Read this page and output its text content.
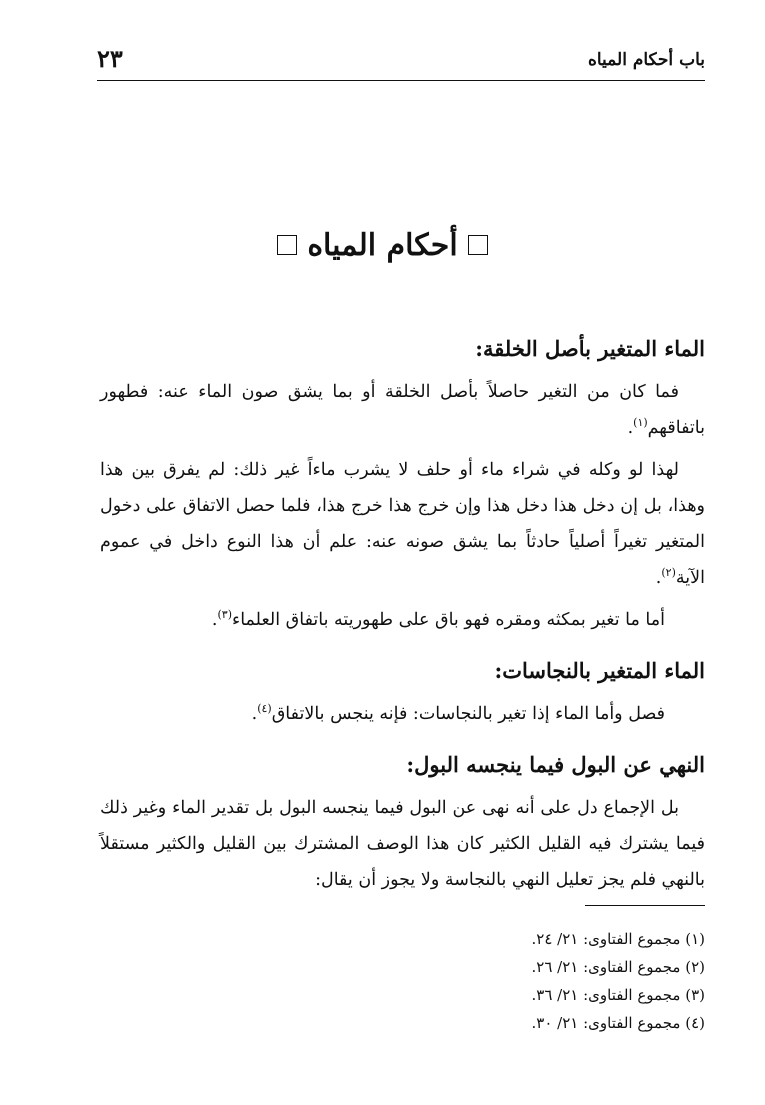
باب أحكام المياه
٢٣
أحكام المياه
الماء المتغير بأصل الخلقة:

فما كان من التغير حاصلاً بأصل الخلقة أو بما يشق صون الماء عنه: فطهور باتفاقهم$^{(١)}$.

لهذا لو وكله في شراء ماء أو حلف لا يشرب ماءاً غير ذلك: لم يفرق بين هذا وهذا، بل إن دخل هذا دخل هذا وإن خرج هذا خرج هذا، فلما حصل الاتفاق على دخول المتغير تغيراً أصلياً حادثاً بما يشق صونه عنه: علم أن هذا النوع داخل في عموم الآية$^{(٢)}$.

أما ما تغير بمكثه ومقره فهو باق على طهوريته باتفاق العلماء$^{(٣)}$.

الماء المتغير بالنجاسات:

فصل وأما الماء إذا تغير بالنجاسات: فإنه ينجس بالاتفاق$^{(٤)}$.

النهي عن البول فيما ينجسه البول:

بل الإجماع دل على أنه نهى عن البول فيما ينجسه البول بل تقدير الماء وغير ذلك فيما يشترك فيه القليل الكثير كان هذا الوصف المشترك بين القليل والكثير مستقلاً بالنهي فلم يجز تعليل النهي بالنجاسة ولا يجوز أن يقال:

(١) مجموع الفتاوى: ٢١/ ٢٤.

(٢) مجموع الفتاوى: ٢١/ ٢٦.

(٣) مجموع الفتاوى: ٢١/ ٣٦.

(٤) مجموع الفتاوى: ٢١/ ٣٠.
